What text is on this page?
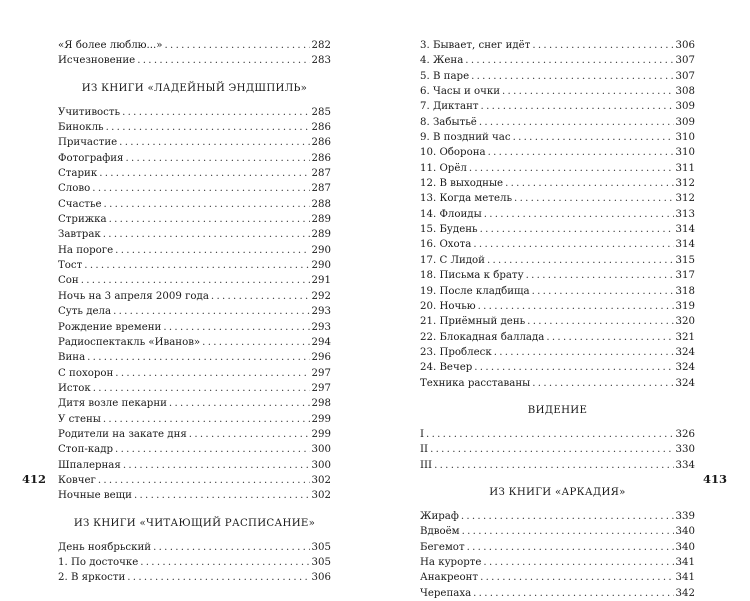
«Я более люблю...» .....	282
Исчезновение .....	283
ИЗ КНИГИ «ЛАДЕЙНЫЙ ЭНДШПИЛЬ»
Учитивость .....	285
Бинокль .....	286
Причастие .....	286
Фотография .....	286
Старик .....	287
Слово .....	287
Счастье .....	288
Стрижка .....	289
Завтрак .....	289
На пороге .....	290
Тост .....	290
Сон .....	291
Ночь на 3 апреля 2009 года .....	292
Суть дела .....	293
Рождение времени .....	293
Радиоспектакль «Иванов» .....	294
Вина .....	296
С похорон .....	297
Исток .....	297
Дитя возле пекарни .....	298
У стены .....	299
Родители на закате дня .....	299
Стоп-кадр .....	300
Шпалерная .....	300
Ковчег .....	302
Ночные вещи .....	302
ИЗ КНИГИ «ЧИТАЮЩИЙ РАСПИСАНИЕ»
День ноябрьский .....	305
1. По досточке .....	305
2. В яркости .....	306
412
3. Бывает, снег идёт .....	306
4. Жена .....	307
5. В паре .....	307
6. Часы и очки .....	308
7. Диктант .....	309
8. Забытьё .....	309
9. В поздний час .....	310
10. Оборона .....	310
11. Орёл .....	311
12. В выходные .....	312
13. Когда метель .....	312
14. Флоиды .....	313
15. Будень .....	314
16. Охота .....	314
17. С Лидой .....	315
18. Письма к брату .....	317
19. После кладбища .....	318
20. Ночью .....	319
21. Приёмный день .....	320
22. Блокадная баллада .....	321
23. Проблеск .....	324
24. Вечер .....	324
Техника расставаны .....	324
ВИДЕНИЕ
I .....	326
II .....	330
III .....	334
ИЗ КНИГИ «АРКАДИЯ»
Жираф .....	339
Вдвоём .....	340
Бегемот .....	340
На курорте .....	341
Анакреонт .....	341
Черепаха .....	342
413
